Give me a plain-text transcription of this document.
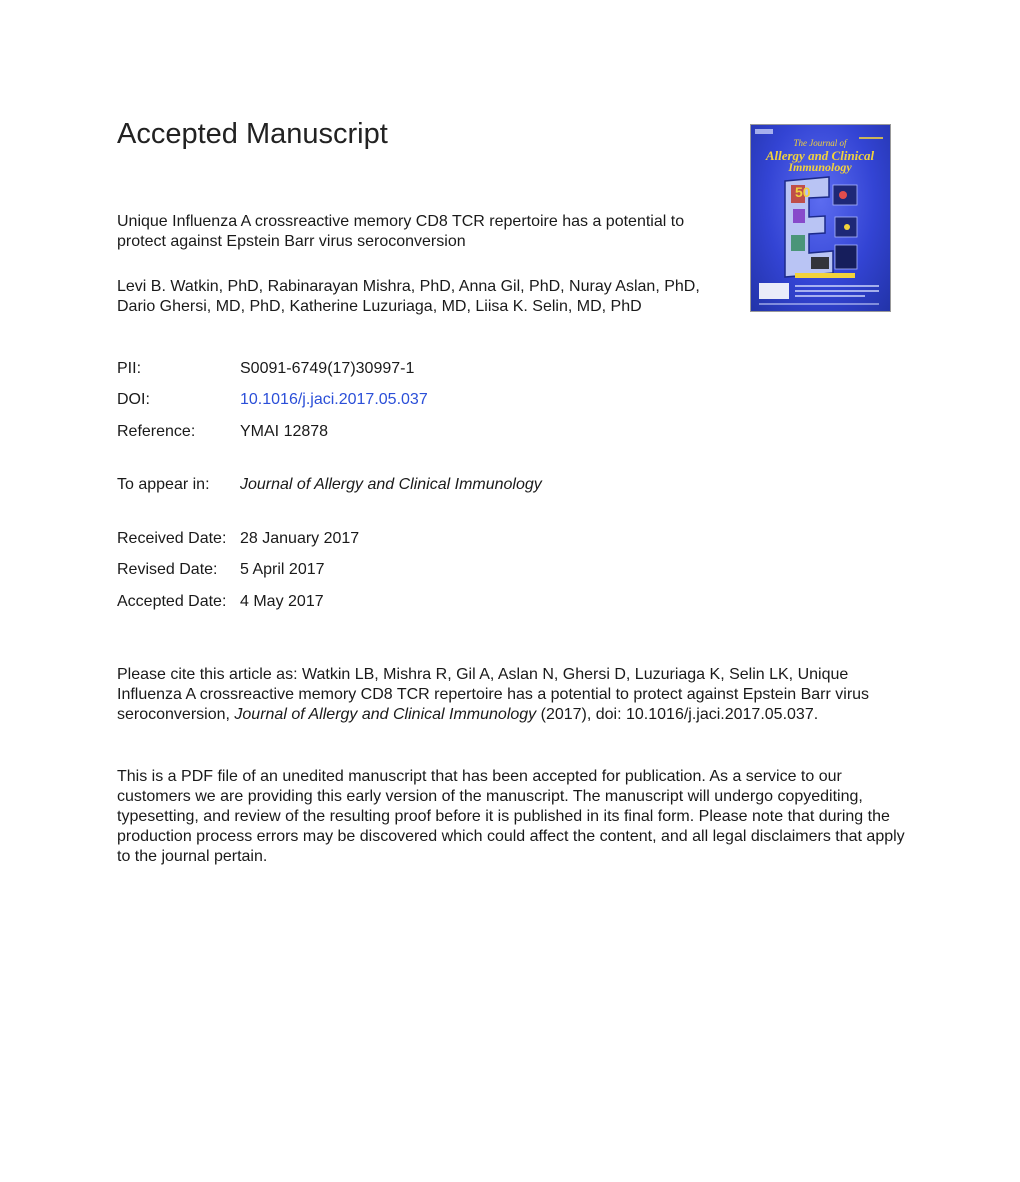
Accepted Manuscript
Unique Influenza A crossreactive memory CD8 TCR repertoire has a potential to protect against Epstein Barr virus seroconversion
Levi B. Watkin, PhD, Rabinarayan Mishra, PhD, Anna Gil, PhD, Nuray Aslan, PhD, Dario Ghersi, MD, PhD, Katherine Luzuriaga, MD, Liisa K. Selin, MD, PhD
PII:	S0091-6749(17)30997-1
DOI:	10.1016/j.jaci.2017.05.037
Reference:	YMAI 12878
To appear in: Journal of Allergy and Clinical Immunology
Received Date: 28 January 2017
Revised Date: 5 April 2017
Accepted Date: 4 May 2017
Please cite this article as: Watkin LB, Mishra R, Gil A, Aslan N, Ghersi D, Luzuriaga K, Selin LK, Unique Influenza A crossreactive memory CD8 TCR repertoire has a potential to protect against Epstein Barr virus seroconversion, Journal of Allergy and Clinical Immunology (2017), doi: 10.1016/j.jaci.2017.05.037.
This is a PDF file of an unedited manuscript that has been accepted for publication. As a service to our customers we are providing this early version of the manuscript. The manuscript will undergo copyediting, typesetting, and review of the resulting proof before it is published in its final form. Please note that during the production process errors may be discovered which could affect the content, and all legal disclaimers that apply to the journal pertain.
The Journal of
Allergy and Clinical
Immunology
50
